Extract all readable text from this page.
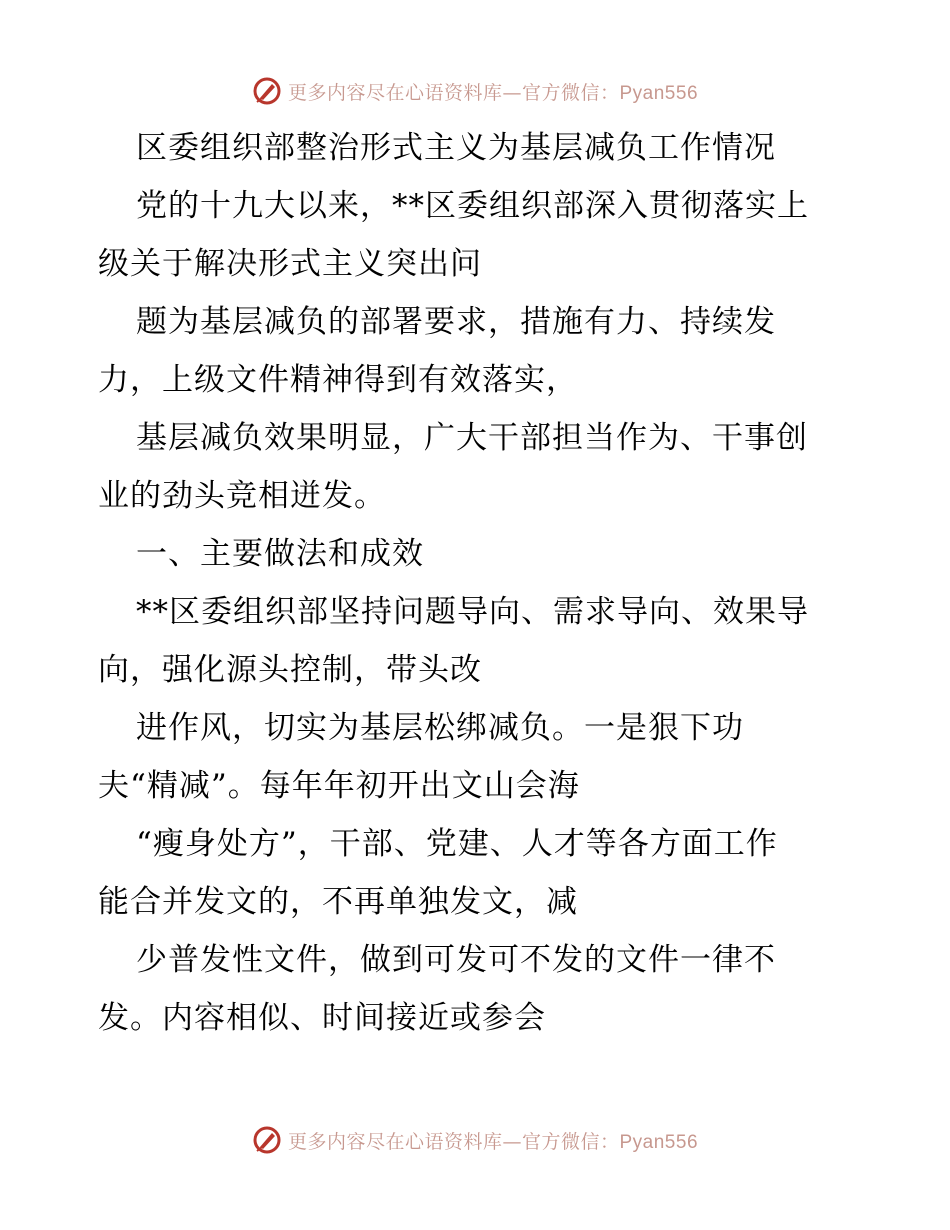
更多内容尽在心语资料库—官方微信：Pyan556
区委组织部整治形式主义为基层减负工作情况
党的十九大以来，**区委组织部深入贯彻落实上
级关于解决形式主义突出问
题为基层减负的部署要求，措施有力、持续发
力，上级文件精神得到有效落实，
基层减负效果明显，广大干部担当作为、干事创
业的劲头竞相迸发。
一、主要做法和成效
**区委组织部坚持问题导向、需求导向、效果导
向，强化源头控制，带头改
进作风，切实为基层松绑减负。一是狠下功
夫“精减”。每年年初开出文山会海
“瘦身处方”，干部、党建、人才等各方面工作
能合并发文的，不再单独发文，减
少普发性文件，做到可发可不发的文件一律不
发。内容相似、时间接近或参会
更多内容尽在心语资料库—官方微信：Pyan556
